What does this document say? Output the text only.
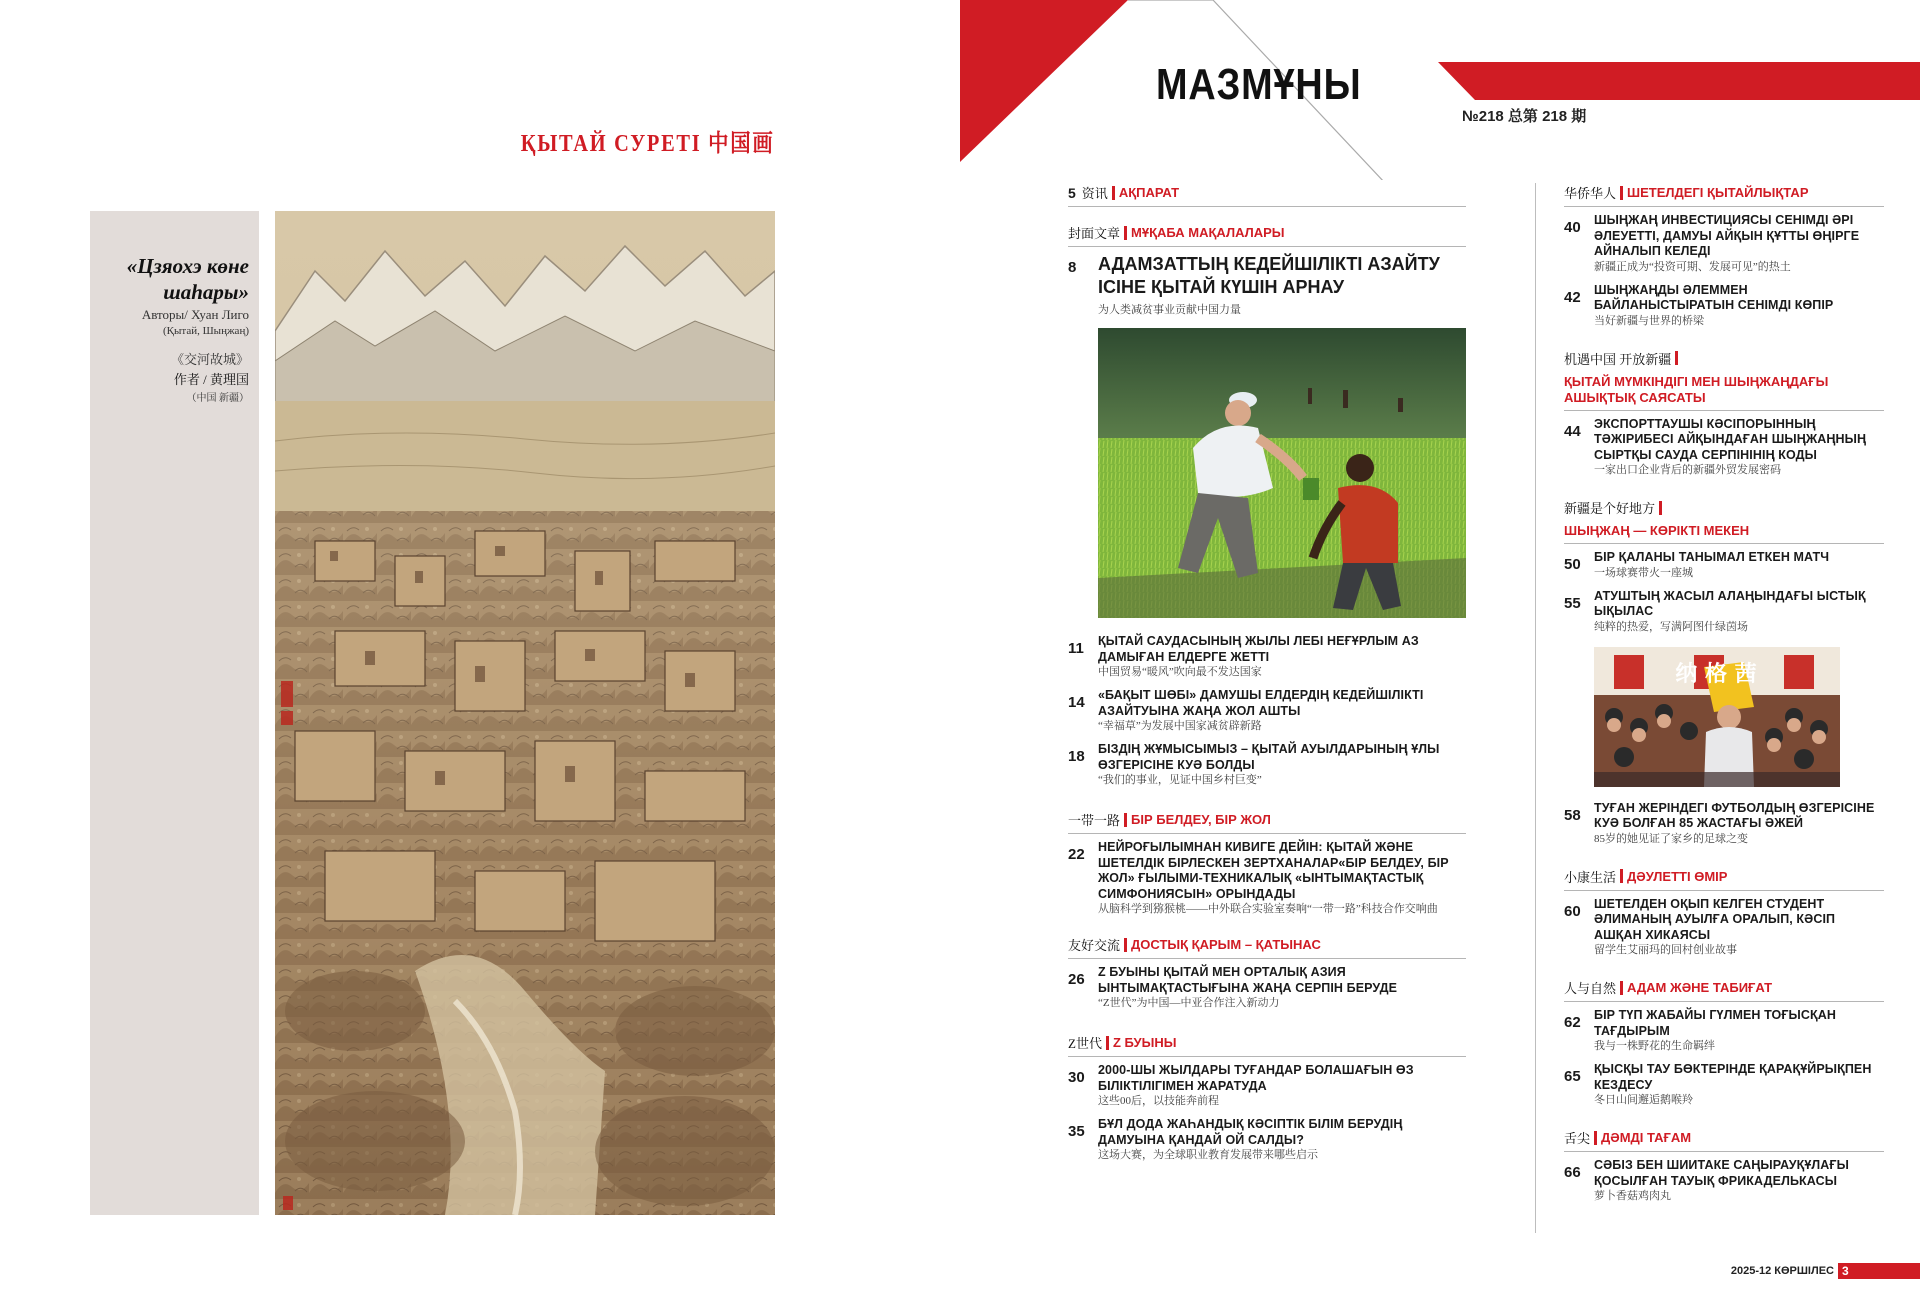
ҚЫТАЙ СУРЕТІ 中国画
«Цзяохэ көне шаһары»
Авторы/ Хуан Лиго
(Қытай, Шыңжаң)
《交河故城》
作者 / 黄理国
（中国 新疆）
МАЗМҰНЫ
№218 总第 218 期
5 资讯 АҚПАРАТ
封面文章 МҰҚАБА МАҚАЛАЛАРЫ
8	АДАМЗАТТЫҢ КЕДЕЙШІЛІКТІ АЗАЙТУ ІСІНЕ ҚЫТАЙ КҮШІН АРНАУ
为人类减贫事业贡献中国力量
11	ҚЫТАЙ САУДАСЫНЫҢ ЖЫЛЫ ЛЕБІ НЕҒҰРЛЫМ АЗ ДАМЫҒАН ЕЛДЕРГЕ ЖЕТТІ
中国贸易“暖风”吹向最不发达国家
14	«БАҚЫТ ШӨБІ» ДАМУШЫ ЕЛДЕРДІҢ КЕДЕЙШІЛІКТІ АЗАЙТУЫНА ЖАҢА ЖОЛ АШТЫ
“幸福草”为发展中国家减贫辟新路
18	БІЗДІҢ ЖҰМЫСЫМЫЗ – ҚЫТАЙ АУЫЛДАРЫНЫҢ ҰЛЫ ӨЗГЕРІСІНЕ КУӘ БОЛДЫ
“我们的事业，见证中国乡村巨变”
一带一路 БІР БЕЛДЕУ, БІР ЖОЛ
22	НЕЙРОҒЫЛЫМНАН КИВИГЕ ДЕЙІН: ҚЫТАЙ ЖӘНЕ ШЕТЕЛДІК БІРЛЕСКЕН ЗЕРТХАНАЛАР«БІР БЕЛДЕУ, БІР ЖОЛ» ҒЫЛЫМИ-ТЕХНИКАЛЫҚ «ЫНТЫМАҚТАСТЫҚ СИМФОНИЯСЫН» ОРЫНДАДЫ
从脑科学到猕猴桃——中外联合实验室奏响“一带一路”科技合作交响曲
友好交流 ДОСТЫҚ ҚАРЫМ – ҚАТЫНАС
26	Z БУЫНЫ ҚЫТАЙ МЕН ОРТАЛЫҚ АЗИЯ ЫНТЫМАҚТАСТЫҒЫНА ЖАҢА СЕРПІН БЕРУДЕ
“Z世代”为中国—中亚合作注入新动力
Z世代 Z БУЫНЫ
30	2000-ШЫ ЖЫЛДАРЫ ТУҒАНДАР БОЛАШАҒЫН ӨЗ БІЛІКТІЛІГІМЕН ЖАРАТУДА
这些00后，以技能奔前程
35	БҰЛ ДОДА ЖАҺАНДЫҚ КӘСІПТІК БІЛІМ БЕРУДІҢ ДАМУЫНА ҚАНДАЙ ОЙ САЛДЫ?
这场大赛，为全球职业教育发展带来哪些启示
华侨华人 ШЕТЕЛДЕГІ ҚЫТАЙЛЫҚТАР
40	ШЫҢЖАҢ ИНВЕСТИЦИЯСЫ СЕНІМДІ ӘРІ ӘЛЕУЕТТІ, ДАМУЫ АЙҚЫН ҚҰТТЫ ӨҢІРГЕ АЙНАЛЫП КЕЛЕДІ
新疆正成为“投资可期、发展可见”的热土
42	ШЫҢЖАҢДЫ ӘЛЕММЕН БАЙЛАНЫСТЫРАТЫН СЕНІМДІ КӨПІР
当好新疆与世界的桥梁
机遇中国 开放新疆
ҚЫТАЙ МҮМКІНДІГІ МЕН ШЫҢЖАҢДАҒЫ АШЫҚТЫҚ САЯСАТЫ
44	ЭКСПОРТТАУШЫ КӘСІПОРЫННЫҢ ТӘЖІРИБЕСІ АЙҚЫНДАҒАН ШЫҢЖАҢНЫҢ СЫРТҚЫ САУДА СЕРПІНІНІҢ КОДЫ
一家出口企业背后的新疆外贸发展密码
新疆是个好地方
ШЫҢЖАҢ — КӨРІКТІ МЕКЕН
50	БІР ҚАЛАНЫ ТАНЫМАЛ ЕТКЕН МАТЧ
一场球赛带火一座城
55	АТУШТЫҢ ЖАСЫЛ АЛАҢЫНДАҒЫ ЫСТЫҚ ЫҚЫЛАС
纯粹的热爱，写满阿图什绿茵场
纳 格 茜
58	ТУҒАН ЖЕРІНДЕГІ ФУТБОЛДЫҢ ӨЗГЕРІСІНЕ КУӘ БОЛҒАН 85 ЖАСТАҒЫ ӘЖЕЙ
85岁的她见证了家乡的足球之变
小康生活 ДӘУЛЕТТІ ӨМІР
60	ШЕТЕЛДЕН ОҚЫП КЕЛГЕН СТУДЕНТ ӘЛИМАНЫҢ АУЫЛҒА ОРАЛЫП, КӘСІП АШҚАН ХИКАЯСЫ
留学生艾丽玛的回村创业故事
人与自然 АДАМ ЖӘНЕ ТАБИҒАТ
62	БІР ТҮП ЖАБАЙЫ ГҮЛМЕН ТОҒЫСҚАН ТАҒДЫРЫМ
我与一株野花的生命羁绊
65	ҚЫСҚЫ ТАУ БӨКТЕРІНДЕ ҚАРАҚҰЙРЫҚПЕН КЕЗДЕСУ
冬日山间邂逅鹅喉羚
舌尖 ДӘМДІ ТАҒАМ
66	СӘБІЗ БЕН ШИИТАКЕ САҢЫРАУҚҰЛАҒЫ ҚОСЫЛҒАН ТАУЫҚ ФРИКАДЕЛЬКАСЫ
萝卜香菇鸡肉丸
2025-12 КӨРШІЛЕС 3
